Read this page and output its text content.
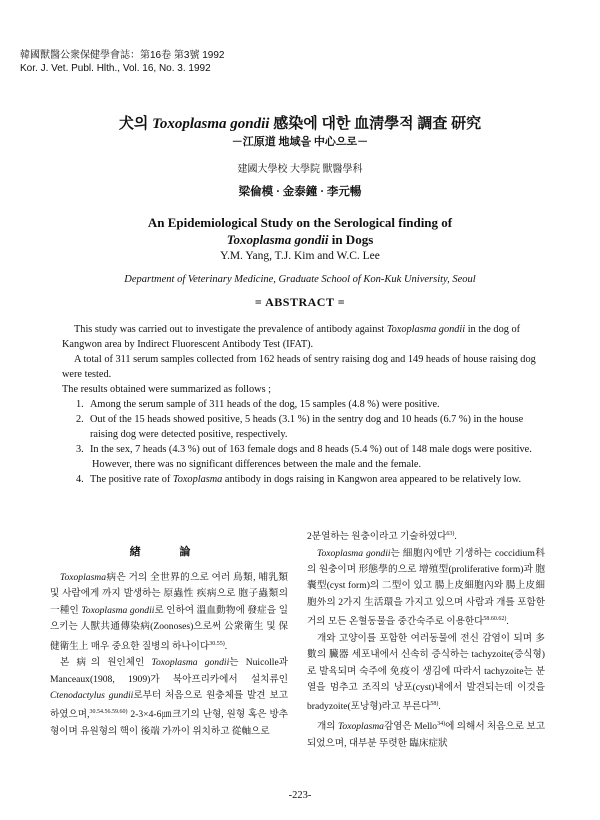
韓國獸醫公衆保健學會誌：第16卷 第3號 1992
Kor. J. Vet. Publ. Hlth., Vol. 16, No. 3. 1992
犬의 Toxoplasma gondii 感染에 대한 血淸學적 調査 研究
－江原道 地域을 中心으로－
建國大學校 大學院 獸醫學科
梁倫模 · 金泰鐘 · 李元暢
An Epidemiological Study on the Serological finding of
Toxoplasma gondii in Dogs
Y.M. Yang, T.J. Kim and W.C. Lee
Department of Veterinary Medicine, Graduate School of Kon-Kuk University, Seoul
= ABSTRACT =

This study was carried out to investigate the prevalence of antibody against Toxoplasma gondii in the dog of Kangwon area by Indirect Fluorescent Antibody Test (IFAT).

A total of 311 serum samples collected from 162 heads of sentry raising dog and 149 heads of house raising dog were tested.

The results obtained were summarized as follows ;

1. Among the serum sample of 311 heads of the dog, 15 samples (4.8 %) were positive.
2. Out of the 15 heads showed positive, 5 heads (3.1 %) in the sentry dog and 10 heads (6.7 %) in the house raising dog were detected positive, respectively.
3. In the sex, 7 heads (4.3 %) out of 163 female dogs and 8 heads (5.4 %) out of 148 male dogs were positive.

However, there was no significant differences between the male and the female.

4. The positive rate of Toxoplasma antibody in dogs raising in Kangwon area appeared to be relatively low.
緖 論

Toxoplasma病은 거의 全世界的으로 여러 鳥類, 哺乳類 및 사람에게 까지 발생하는 原蟲性 疾病으로 胞子蟲類의 一種인 Toxoplasma gondii로 인하여 溫血動物에 發症을 일으키는 人獸共通傳染病(Zoonoses)으로써 公衆衛生 및 保健衛生上 매우 중요한 질병의 하나이다$^{30.55)}$.

본 病의 원인체인 Toxoplasma gondii는 Nuicolle과 Manceaux(1908, 1909)가 북아프리카에서 설치류인 Ctenodactylus gundii로부터 처음으로 원충체를 발견 보고하였으며,$^{30.54.56.59.60)}$ 2-3×4-6㎛크기의 난형, 원형 혹은 방추형이며 유원형의 핵이 後端 가까이 위치하고 從軸으로

2분열하는 원충이라고 기술하였다$^{63)}$.

Toxoplasma gondii는 細胞內에만 기생하는 coccidium科의 원충이며 形態學的으로 增殖型(proliferative form)과 胞囊型(cyst form)의 二型이 있고 腸上皮細胞內와 腸上皮細胞外의 2가지 生活環을 가지고 있으며 사람과 개를 포함한 거의 모든 온혈동물을 중간숙주로 이용한다$^{58.60.62)}$.

개와 고양이를 포함한 여러동물에 전신 감염이 되며 多數의 臟器 세포내에서 신속히 증식하는 tachyzoite(증식형)로 발육되며 숙주에 免疫이 생김에 따라서 tachyzoite는 분열을 멈추고 조직의 낭포(cyst)내에서 발견되는데 이것을 bradyzoite(포낭형)라고 부른다$^{58)}$.

개의 Toxoplasma감염은 Mello$^{34)}$에 의해서 처음으로 보고되었으며, 대부분 뚜렷한 臨床症狀

-223-
